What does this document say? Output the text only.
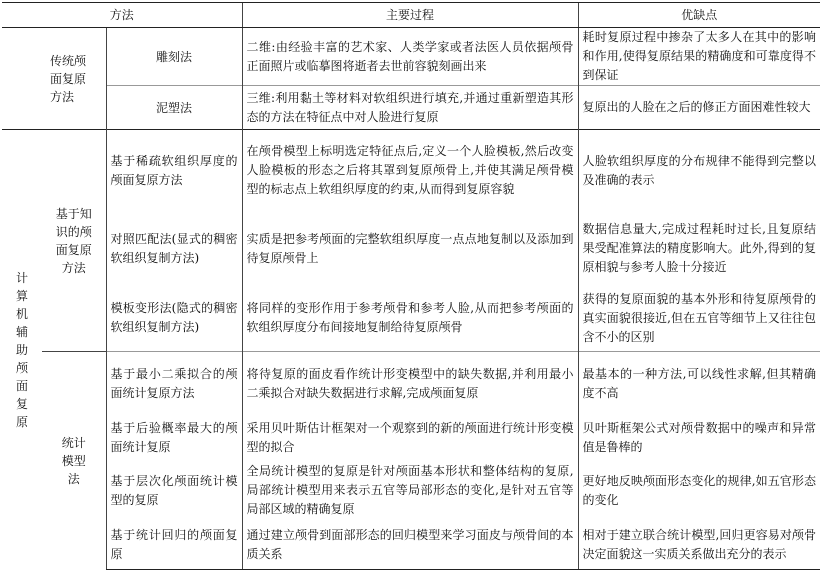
方法			主要过程	优缺点

传统颅面复原方法		雕刻法	二维:由经验丰富的艺术家、人类学家或者法医人员依据颅骨正面照片或临摹图将逝者去世前容貌刻画出来	耗时复原过程中掺杂了太多人在其中的影响和作用,使得复原结果的精确度和可靠度得不到保证
		泥塑法	三维:利用黏土等材料对软组织进行填充,并通过重新塑造其形态的方法在特征点中对人脸进行复原	复原出的人脸在之后的修正方面困难性较大

计算机辅助颅面复原	基于知识的颅面复原方法	基于稀疏软组织厚度的颅面复原方法	在颅骨模型上标明选定特征点后,定义一个人脸模板,然后改变人脸模板的形态之后将其罩到复原颅骨上,并使其满足颅骨模型的标志点上软组织厚度的约束,从而得到复原容貌	人脸软组织厚度的分布规律不能得到完整以及准确的表示
		对照匹配法(显式的稠密软组织复制方法)	实质是把参考颅面的完整软组织厚度一点点地复制以及添加到待复原颅骨上	数据信息量大,完成过程耗时过长,且复原结果受配准算法的精度影响大。此外,得到的复原相貌与参考人脸十分接近
		模板变形法(隐式的稠密软组织复制方法)	将同样的变形作用于参考颅骨和参考人脸,从而把参考颅面的软组织厚度分布间接地复制给待复原颅骨	获得的复原面貌的基本外形和待复原颅骨的真实面貌很接近,但在五官等细节上又往往包含不小的区别

	统计模型法	基于最小二乘拟合的颅面统计复原方法	将待复原的面皮看作统计形变模型中的缺失数据,并利用最小二乘拟合对缺失数据进行求解,完成颅面复原	最基本的一种方法,可以线性求解,但其精确度不高
		基于后验概率最大的颅面统计复原	采用贝叶斯估计框架对一个观察到的新的颅面进行统计形变模型的拟合	贝叶斯框架公式对颅骨数据中的噪声和异常值是鲁棒的
		基于层次化颅面统计模型的复原	全局统计模型的复原是针对颅面基本形状和整体结构的复原,局部统计模型用来表示五官等局部形态的变化,是针对五官等局部区域的精确复原	更好地反映颅面形态变化的规律,如五官形态的变化
		基于统计回归的颅面复原	通过建立颅骨到面部形态的回归模型来学习面皮与颅骨间的本质关系	相对于建立联合统计模型,回归更容易对颅骨决定面貌这一实质关系做出充分的表示
